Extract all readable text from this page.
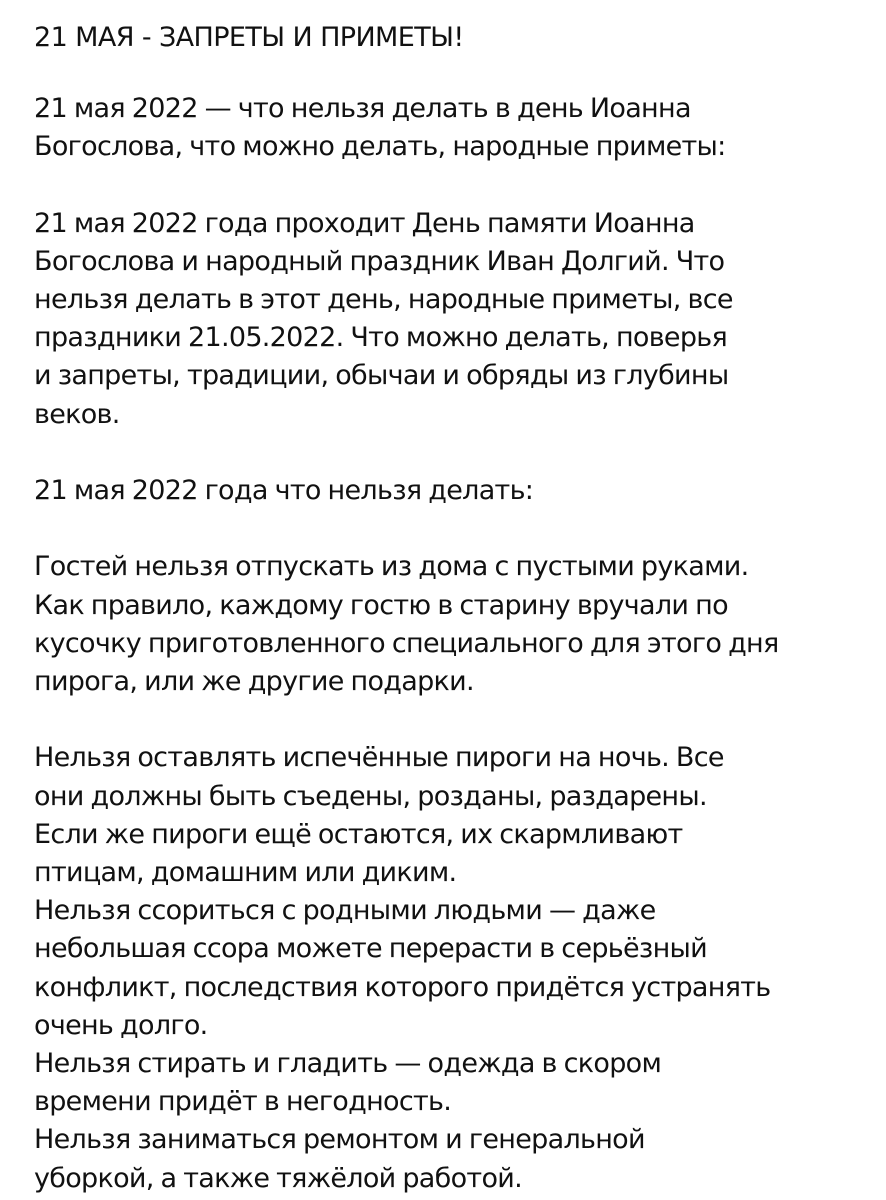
21 МАЯ - ЗАПРЕТЫ И ПРИМЕТЫ!
21 мая 2022 — что нельзя делать в день Иоанна
Богослова, что можно делать, народные приметы:
21 мая 2022 года проходит День памяти Иоанна
Богослова и народный праздник Иван Долгий. Что
нельзя делать в этот день, народные приметы, все
праздники 21.05.2022. Что можно делать, поверья
и запреты, традиции, обычаи и обряды из глубины
веков.
21 мая 2022 года что нельзя делать:
Гостей нельзя отпускать из дома с пустыми руками.
Как правило, каждому гостю в старину вручали по
кусочку приготовленного специального для этого дня
пирога, или же другие подарки.
Нельзя оставлять испечённые пироги на ночь. Все
они должны быть съедены, розданы, раздарены.
Если же пироги ещё остаются, их скармливают
птицам, домашним или диким.
Нельзя ссориться с родными людьми — даже
небольшая ссора можете перерасти в серьёзный
конфликт, последствия которого придётся устранять
очень долго.
Нельзя стирать и гладить — одежда в скором
времени придёт в негодность.
Нельзя заниматься ремонтом и генеральной
уборкой, а также тяжёлой работой.
